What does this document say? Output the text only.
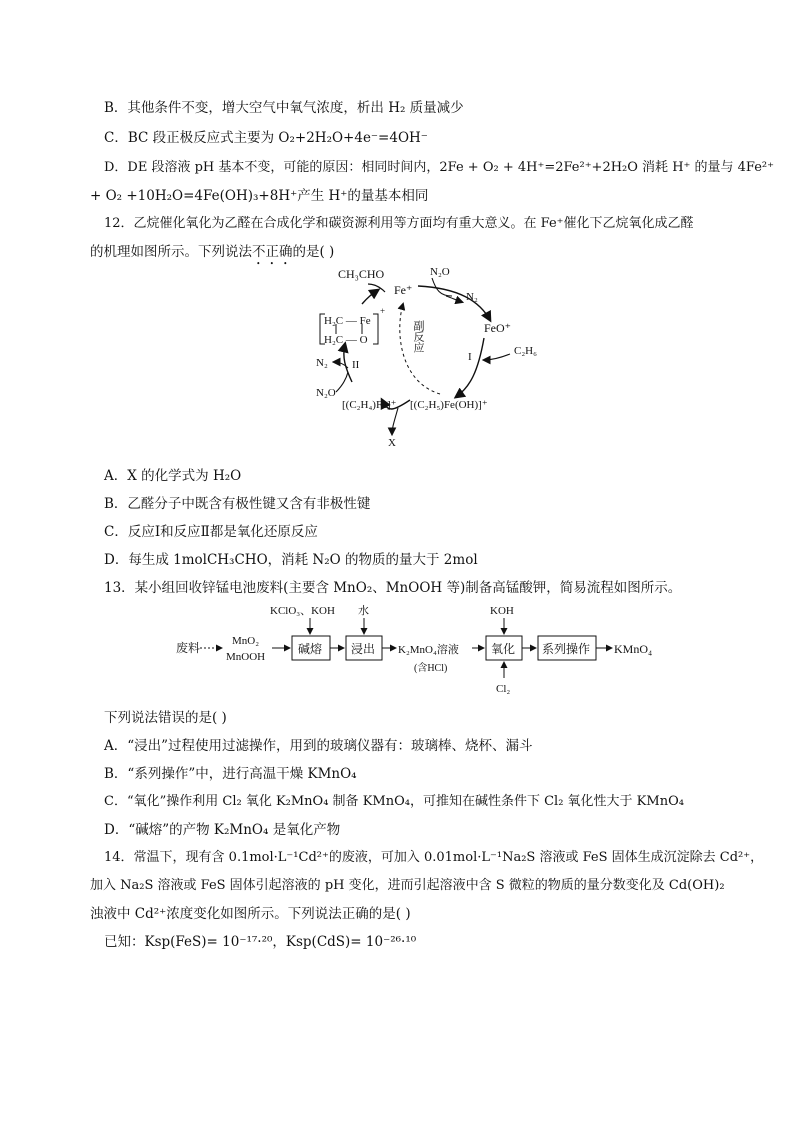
B．其他条件不变，增大空气中氧气浓度，析出 H₂ 质量减少
C．BC 段正极反应式主要为 O₂+2H₂O+4e⁻=4OH⁻
D．DE 段溶液 pH 基本不变，可能的原因：相同时间内，2Fe + O₂ + 4H⁺=2Fe²⁺+2H₂O 消耗 H⁺ 的量与 4Fe²⁺
+ O₂ +10H₂O=4Fe(OH)₃+8H⁺产生 H⁺的量基本相同
12．乙烷催化氧化为乙醛在合成化学和碳资源利用等方面均有重大意义。在 Fe⁺催化下乙烷氧化成乙醛
的机理如图所示。下列说法不正确的是( )
CH₃CHO
Fe⁺
N₂O
N₂
FeO⁺
C₂H₆
I
II
副反应
H₂C — Fe
H₂C — O
+
N₂
N₂O
[(C₂H₄)Fe]⁺ [(C₂H₅)Fe(OH)]⁺
X
A．X 的化学式为 H₂O
B．乙醛分子中既含有极性键又含有非极性键
C．反应Ⅰ和反应Ⅱ都是氧化还原反应
D．每生成 1molCH₃CHO，消耗 N₂O 的物质的量大于 2mol
13．某小组回收锌锰电池废料(主要含 MnO₂、MnOOH 等)制备高锰酸钾，简易流程如图所示。
废料	MnO₂
MnOOH
KClO₃、KOH
碱熔
水
浸出 K₂MnO₄溶液
(含HCl)
KOH
氧化
Cl₂
系列操作 KMnO₄
下列说法错误的是( )
A．“浸出”过程使用过滤操作，用到的玻璃仪器有：玻璃棒、烧杯、漏斗
B．“系列操作”中，进行高温干燥 KMnO₄
C．“氧化”操作利用 Cl₂ 氧化 K₂MnO₄ 制备 KMnO₄，可推知在碱性条件下 Cl₂ 氧化性大于 KMnO₄
D．“碱熔”的产物 K₂MnO₄ 是氧化产物
14．常温下，现有含 0.1mol·L⁻¹Cd²⁺的废液，可加入 0.01mol·L⁻¹Na₂S 溶液或 FeS 固体生成沉淀除去 Cd²⁺，
加入 Na₂S 溶液或 FeS 固体引起溶液的 pH 变化，进而引起溶液中含 S 微粒的物质的量分数变化及 Cd(OH)₂
浊液中 Cd²⁺浓度变化如图所示。下列说法正确的是( )
已知：Ksp(FeS)= 10⁻¹⁷·²⁰，Ksp(CdS)= 10⁻²⁶·¹⁰
